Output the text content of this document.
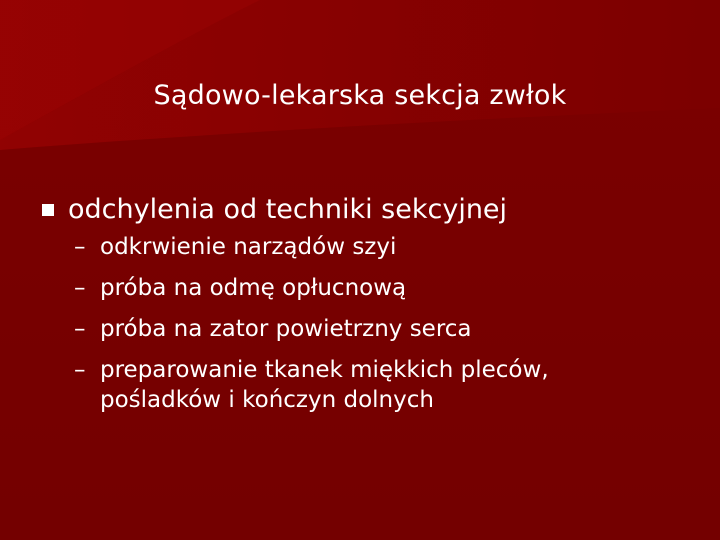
Sądowo-lekarska sekcja zwłok
odchylenia od techniki sekcyjnej
– odkrwienie narządów szyi
– próba na odmę opłucnową
– próba na zator powietrzny serca
– preparowanie tkanek miękkich pleców, pośladków i kończyn dolnych
